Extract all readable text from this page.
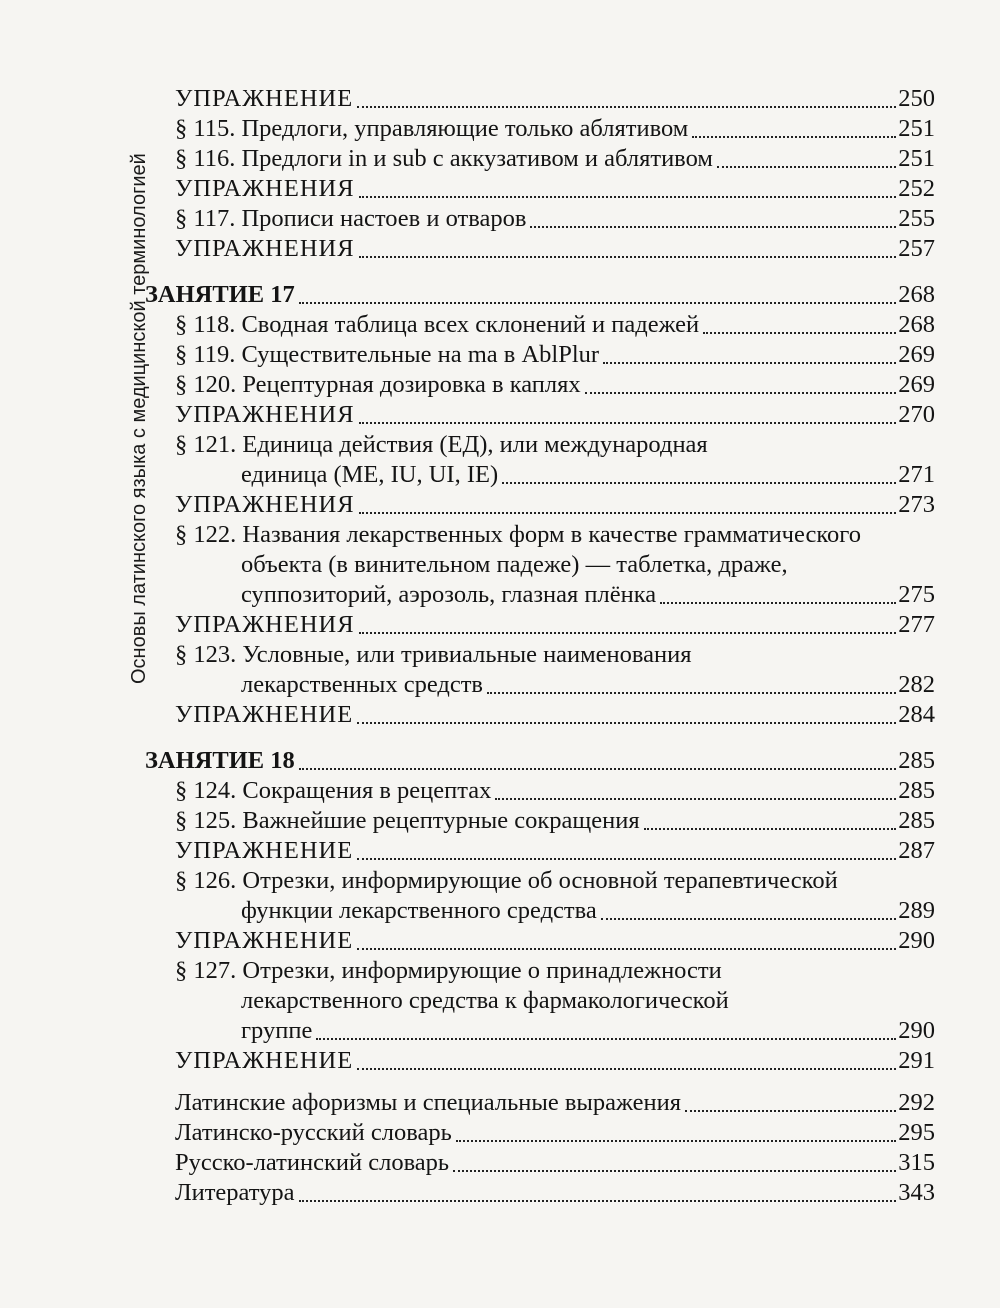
Основы латинского языка с медицинской терминологией
УПРАЖНЕНИЕ	250
§ 115. Предлоги, управляющие только аблятивом	251
§ 116. Предлоги in и sub с аккузативом и аблятивом	251
УПРАЖНЕНИЯ	252
§ 117. Прописи настоев и отваров	255
УПРАЖНЕНИЯ	257
ЗАНЯТИЕ 17	268
§ 118. Сводная таблица всех склонений и падежей	268
§ 119. Существительные на ma в AblPlur	269
§ 120. Рецептурная дозировка в каплях	269
УПРАЖНЕНИЯ	270
§ 121. Единица действия (ЕД), или международная
единица (ME, IU, UI, IE)	271
УПРАЖНЕНИЯ	273
§ 122. Названия лекарственных форм в качестве грамматического
объекта (в винительном падеже) — таблетка, драже,
суппозиторий, аэрозоль, глазная плёнка	275
УПРАЖНЕНИЯ	277
§ 123. Условные, или тривиальные наименования
лекарственных средств	282
УПРАЖНЕНИЕ	284
ЗАНЯТИЕ 18	285
§ 124. Сокращения в рецептах	285
§ 125. Важнейшие рецептурные сокращения	285
УПРАЖНЕНИЕ	287
§ 126. Отрезки, информирующие об основной терапевтической
функции лекарственного средства	289
УПРАЖНЕНИЕ	290
§ 127. Отрезки, информирующие о принадлежности
лекарственного средства к фармакологической
группе	290
УПРАЖНЕНИЕ	291
Латинские афоризмы и специальные выражения	292
Латинско-русский словарь	295
Русско-латинский словарь	315
Литература	343
